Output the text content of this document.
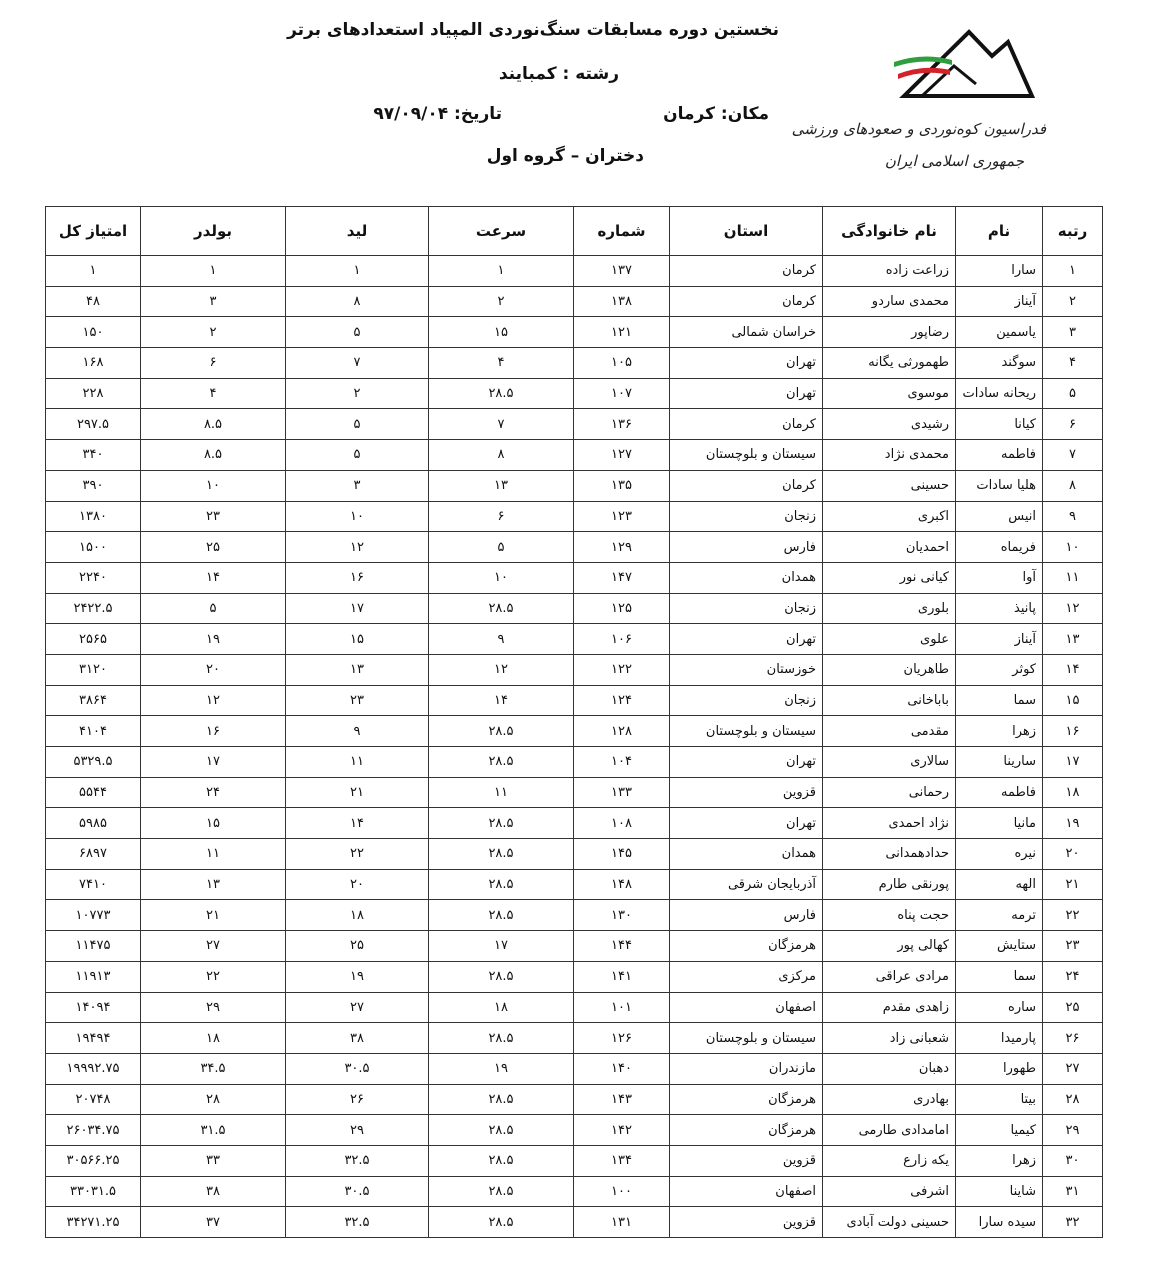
نخستین دوره مسابقات سنگ‌نوردی المپیاد استعدادهای برتر
رشته : کمبایند
مکان: کرمان
تاریخ: ۹۷/۰۹/۰۴
دختران – گروه اول
فدراسیون کوه‌نوردی و صعودهای ورزشی
جمهوری اسلامی ایران
رتبه	نام	نام خانوادگی	استان	شماره	سرعت	لید	بولدر	امتیاز کل
۱	سارا	زراعت زاده	کرمان	۱۳۷	۱	۱	۱	۱
۲	آیناز	محمدی ساردو	کرمان	۱۳۸	۲	۸	۳	۴۸
۳	یاسمین	رضاپور	خراسان شمالی	۱۲۱	۱۵	۵	۲	۱۵۰
۴	سوگند	طهمورثی یگانه	تهران	۱۰۵	۴	۷	۶	۱۶۸
۵	ریحانه سادات	موسوی	تهران	۱۰۷	۲۸.۵	۲	۴	۲۲۸
۶	کیانا	رشیدی	کرمان	۱۳۶	۷	۵	۸.۵	۲۹۷.۵
۷	فاطمه	محمدی نژاد	سیستان و بلوچستان	۱۲۷	۸	۵	۸.۵	۳۴۰
۸	هلیا سادات	حسینی	کرمان	۱۳۵	۱۳	۳	۱۰	۳۹۰
۹	انیس	اکبری	زنجان	۱۲۳	۶	۱۰	۲۳	۱۳۸۰
۱۰	فریماه	احمدیان	فارس	۱۲۹	۵	۱۲	۲۵	۱۵۰۰
۱۱	آوا	کیانی نور	همدان	۱۴۷	۱۰	۱۶	۱۴	۲۲۴۰
۱۲	پانیذ	بلوری	زنجان	۱۲۵	۲۸.۵	۱۷	۵	۲۴۲۲.۵
۱۳	آیناز	علوی	تهران	۱۰۶	۹	۱۵	۱۹	۲۵۶۵
۱۴	کوثر	طاهریان	خوزستان	۱۲۲	۱۲	۱۳	۲۰	۳۱۲۰
۱۵	سما	باباخانی	زنجان	۱۲۴	۱۴	۲۳	۱۲	۳۸۶۴
۱۶	زهرا	مقدمی	سیستان و بلوچستان	۱۲۸	۲۸.۵	۹	۱۶	۴۱۰۴
۱۷	سارینا	سالاری	تهران	۱۰۴	۲۸.۵	۱۱	۱۷	۵۳۲۹.۵
۱۸	فاطمه	رحمانی	قزوین	۱۳۳	۱۱	۲۱	۲۴	۵۵۴۴
۱۹	مانیا	نژاد احمدی	تهران	۱۰۸	۲۸.۵	۱۴	۱۵	۵۹۸۵
۲۰	نیره	حدادهمدانی	همدان	۱۴۵	۲۸.۵	۲۲	۱۱	۶۸۹۷
۲۱	الهه	پورنقی طارم	آذربایجان شرقی	۱۴۸	۲۸.۵	۲۰	۱۳	۷۴۱۰
۲۲	ترمه	حجت پناه	فارس	۱۳۰	۲۸.۵	۱۸	۲۱	۱۰۷۷۳
۲۳	ستایش	کهالی پور	هرمزگان	۱۴۴	۱۷	۲۵	۲۷	۱۱۴۷۵
۲۴	سما	مرادی عراقی	مرکزی	۱۴۱	۲۸.۵	۱۹	۲۲	۱۱۹۱۳
۲۵	ساره	زاهدی مقدم	اصفهان	۱۰۱	۱۸	۲۷	۲۹	۱۴۰۹۴
۲۶	پارمیدا	شعبانی زاد	سیستان و بلوچستان	۱۲۶	۲۸.۵	۳۸	۱۸	۱۹۴۹۴
۲۷	طهورا	دهبان	مازندران	۱۴۰	۱۹	۳۰.۵	۳۴.۵	۱۹۹۹۲.۷۵
۲۸	بیتا	بهادری	هرمزگان	۱۴۳	۲۸.۵	۲۶	۲۸	۲۰۷۴۸
۲۹	کیمیا	امامدادی طارمی	هرمزگان	۱۴۲	۲۸.۵	۲۹	۳۱.۵	۲۶۰۳۴.۷۵
۳۰	زهرا	یکه زارع	قزوین	۱۳۴	۲۸.۵	۳۲.۵	۳۳	۳۰۵۶۶.۲۵
۳۱	شاینا	اشرفی	اصفهان	۱۰۰	۲۸.۵	۳۰.۵	۳۸	۳۳۰۳۱.۵
۳۲	سیده سارا	حسینی دولت آبادی	قزوین	۱۳۱	۲۸.۵	۳۲.۵	۳۷	۳۴۲۷۱.۲۵
